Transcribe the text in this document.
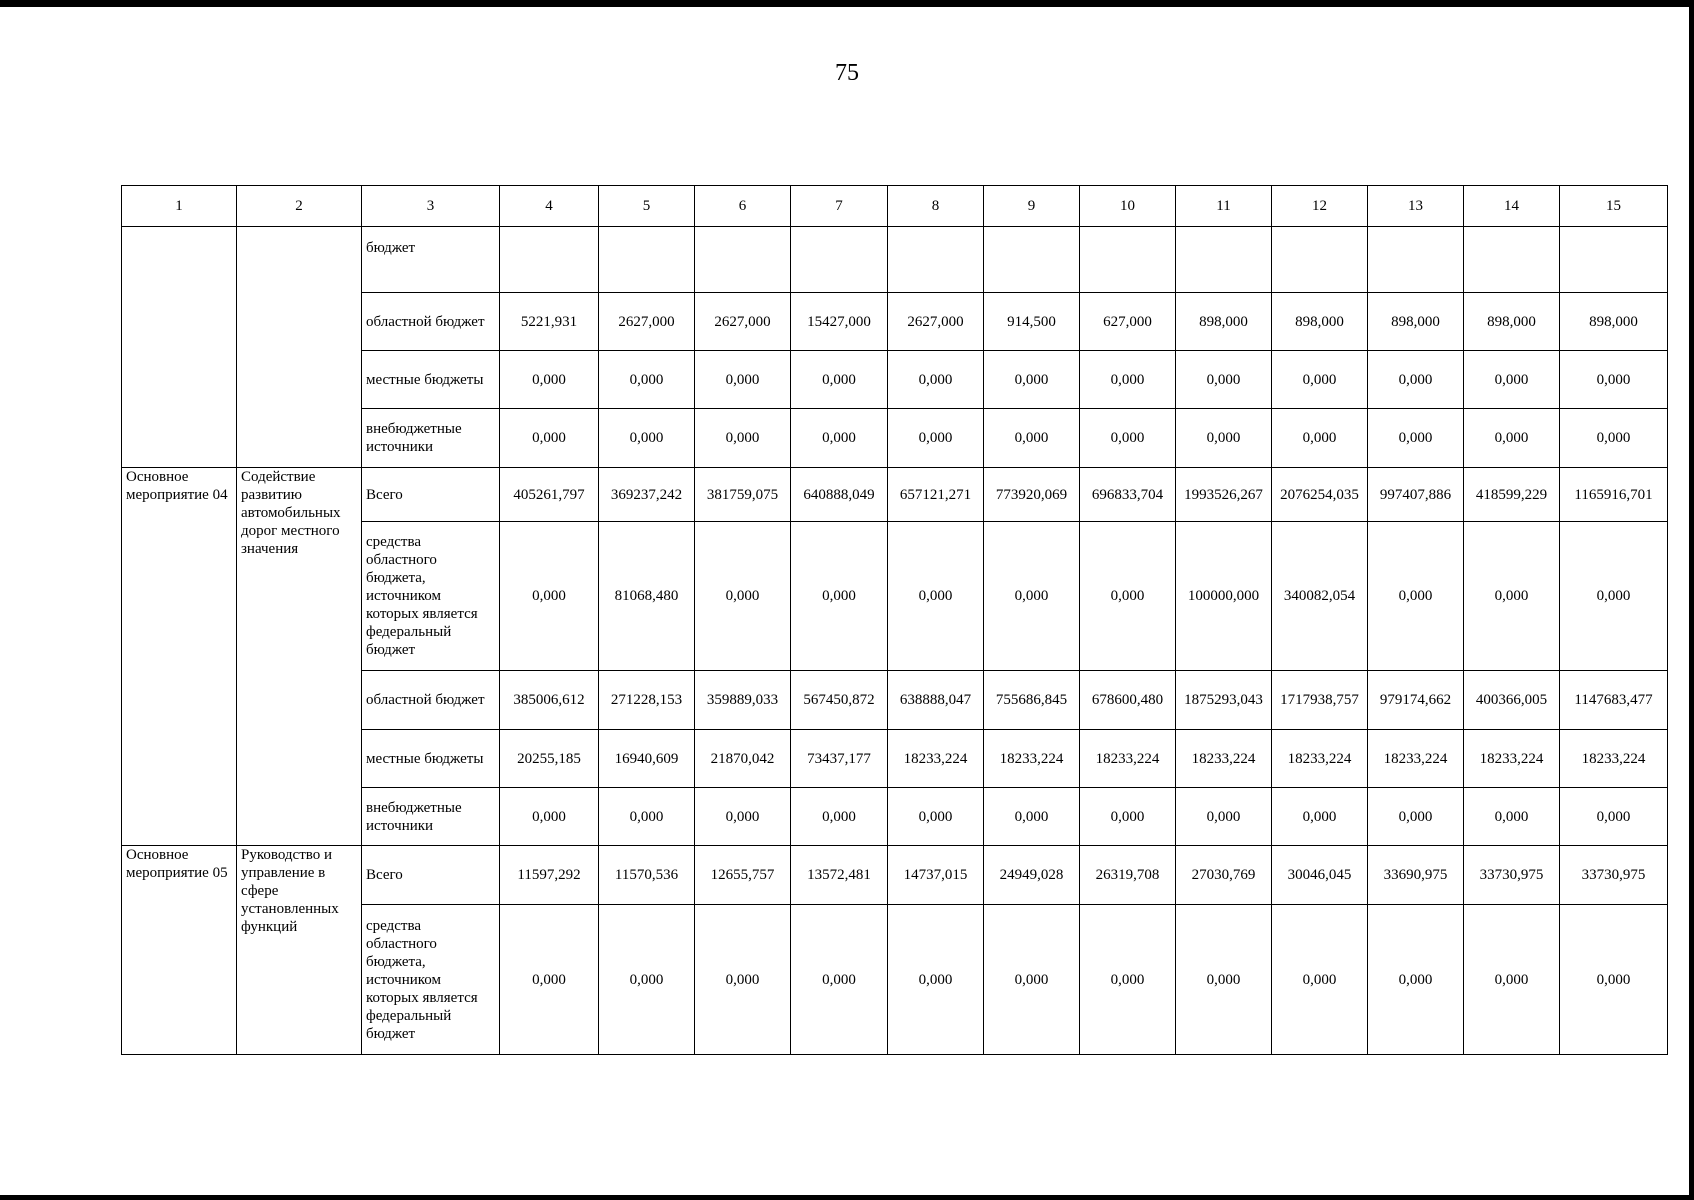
75
1	2	3	4	5	6	7	8	9	10	11	12	13	14	15
		бюджет												
		областной бюджет	5221,931	2627,000	2627,000	15427,000	2627,000	914,500	627,000	898,000	898,000	898,000	898,000	898,000
		местные бюджеты	0,000	0,000	0,000	0,000	0,000	0,000	0,000	0,000	0,000	0,000	0,000	0,000
		внебюджетные источники	0,000	0,000	0,000	0,000	0,000	0,000	0,000	0,000	0,000	0,000	0,000	0,000
Основное мероприятие 04	Содействие развитию автомобильных дорог местного значения	Всего	405261,797	369237,242	381759,075	640888,049	657121,271	773920,069	696833,704	1993526,267	2076254,035	997407,886	418599,229	1165916,701
		средства областного бюджета, источником которых является федеральный бюджет	0,000	81068,480	0,000	0,000	0,000	0,000	0,000	100000,000	340082,054	0,000	0,000	0,000
		областной бюджет	385006,612	271228,153	359889,033	567450,872	638888,047	755686,845	678600,480	1875293,043	1717938,757	979174,662	400366,005	1147683,477
		местные бюджеты	20255,185	16940,609	21870,042	73437,177	18233,224	18233,224	18233,224	18233,224	18233,224	18233,224	18233,224	18233,224
		внебюджетные источники	0,000	0,000	0,000	0,000	0,000	0,000	0,000	0,000	0,000	0,000	0,000	0,000
Основное мероприятие 05	Руководство и управление в сфере установленных функций	Всего	11597,292	11570,536	12655,757	13572,481	14737,015	24949,028	26319,708	27030,769	30046,045	33690,975	33730,975	33730,975
		средства областного бюджета, источником которых является федеральный бюджет	0,000	0,000	0,000	0,000	0,000	0,000	0,000	0,000	0,000	0,000	0,000	0,000
